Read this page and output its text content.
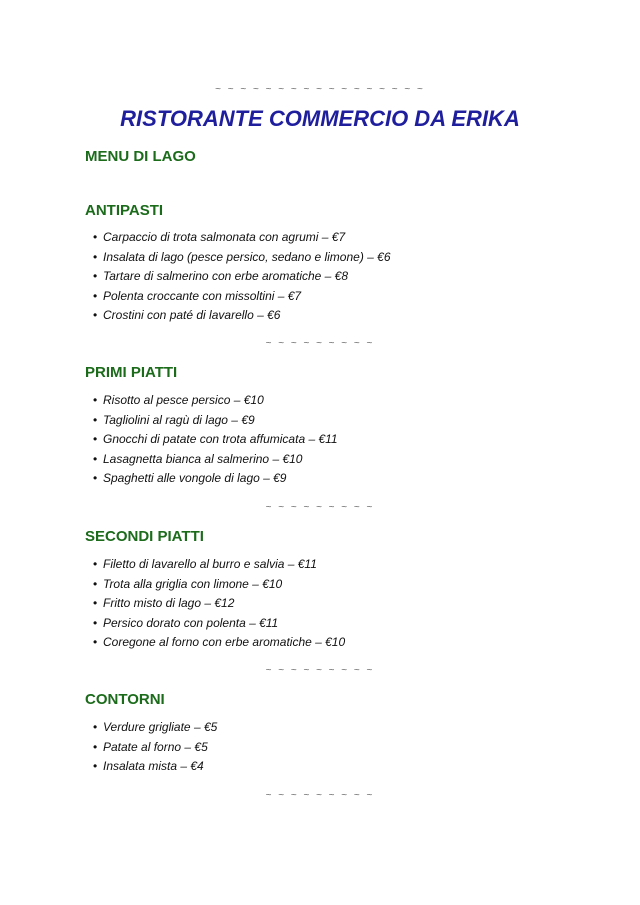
~ ~ ~ ~ ~ ~ ~ ~ ~ ~ ~ ~ ~ ~ ~ ~ ~
RISTORANTE COMMERCIO DA ERIKA
MENU DI LAGO
ANTIPASTI
• Carpaccio di trota salmonata con agrumi – €7
• Insalata di lago (pesce persico, sedano e limone) – €6
• Tartare di salmerino con erbe aromatiche – €8
• Polenta croccante con missoltini – €7
• Crostini con paté di lavarello – €6
~ ~ ~ ~ ~ ~ ~ ~ ~
PRIMI PIATTI
• Risotto al pesce persico – €10
• Tagliolini al ragù di lago – €9
• Gnocchi di patate con trota affumicata – €11
• Lasagnetta bianca al salmerino – €10
• Spaghetti alle vongole di lago – €9
~ ~ ~ ~ ~ ~ ~ ~ ~
SECONDI PIATTI
• Filetto di lavarello al burro e salvia – €11
• Trota alla griglia con limone – €10
• Fritto misto di lago – €12
• Persico dorato con polenta – €11
• Coregone al forno con erbe aromatiche – €10
~ ~ ~ ~ ~ ~ ~ ~ ~
CONTORNI
• Verdure grigliate – €5
• Patate al forno – €5
• Insalata mista – €4
~ ~ ~ ~ ~ ~ ~ ~ ~
